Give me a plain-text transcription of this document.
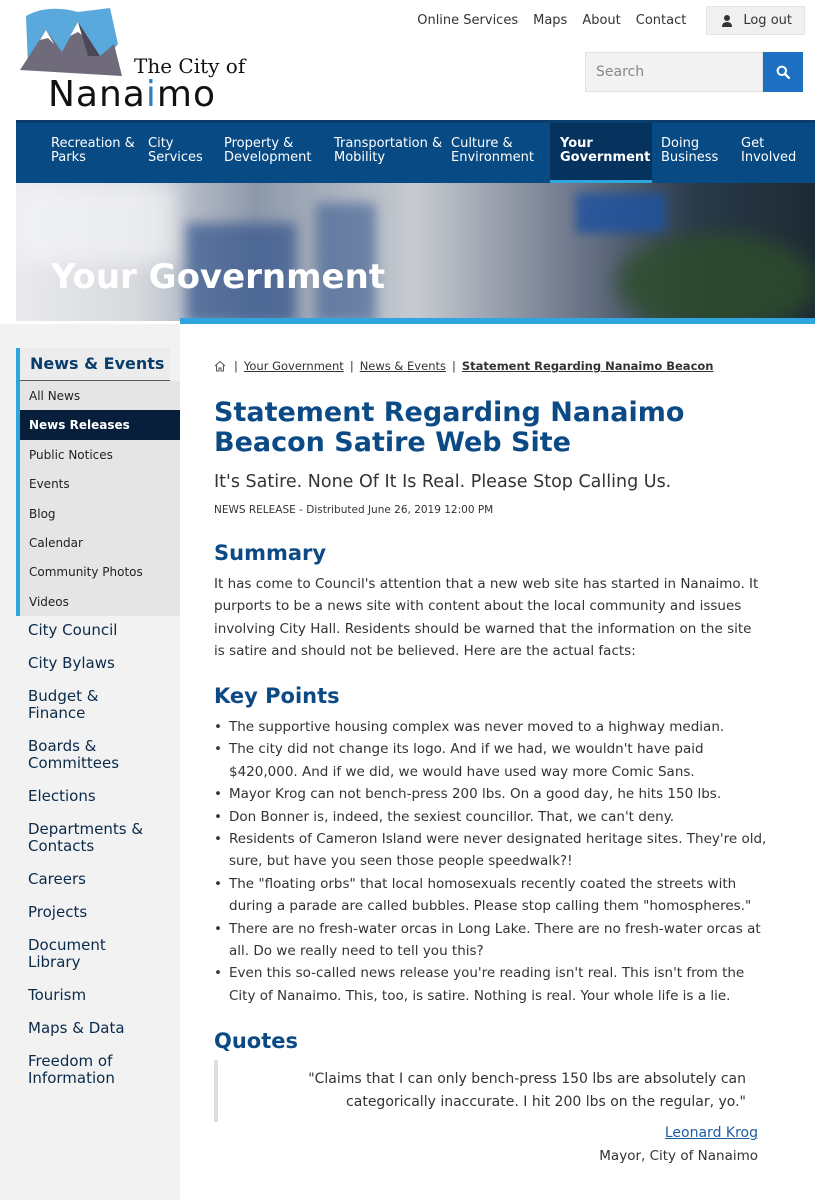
The City of
Nanaimo
Online Services Maps About Contact	Log out
Search
Recreation & Parks
City Services
Property & Development
Transportation & Mobility
Culture & Environment
Your Government
Doing Business
Get Involved
Your Government
News & Events
All News
News Releases
Public Notices
Events
Blog
Calendar
Community Photos
Videos
City Council
City Bylaws
Budget & Finance
Boards & Committees
Elections
Departments & Contacts
Careers
Projects
Document Library
Tourism
Maps & Data
Freedom of Information
| Your Government | News & Events | Statement Regarding Nanaimo Beacon
Statement Regarding Nanaimo Beacon Satire Web Site
It's Satire. None Of It Is Real. Please Stop Calling Us.
NEWS RELEASE - Distributed June 26, 2019 12:00 PM
Summary

It has come to Council's attention that a new web site has started in Nanaimo. It purports to be a news site with content about the local community and issues involving City Hall. Residents should be warned that the information on the site is satire and should not be believed. Here are the actual facts:

Key Points
• The supportive housing complex was never moved to a highway median.
• The city did not change its logo. And if we had, we wouldn't have paid $420,000. And if we did, we would have used way more Comic Sans.
• Mayor Krog can not bench-press 200 lbs. On a good day, he hits 150 lbs.
• Don Bonner is, indeed, the sexiest councillor. That, we can't deny.
• Residents of Cameron Island were never designated heritage sites. They're old, sure, but have you seen those people speedwalk?!
• The "floating orbs" that local homosexuals recently coated the streets with during a parade are called bubbles. Please stop calling them "homospheres."
• There are no fresh-water orcas in Long Lake. There are no fresh-water orcas at all. Do we really need to tell you this?
• Even this so-called news release you're reading isn't real. This isn't from the City of Nanaimo. This, too, is satire. Nothing is real. Your whole life is a lie.
Quotes
"Claims that I can only bench-press 150 lbs are absolutely can categorically inaccurate. I hit 200 lbs on the regular, yo."
Leonard Krog
Mayor, City of Nanaimo
